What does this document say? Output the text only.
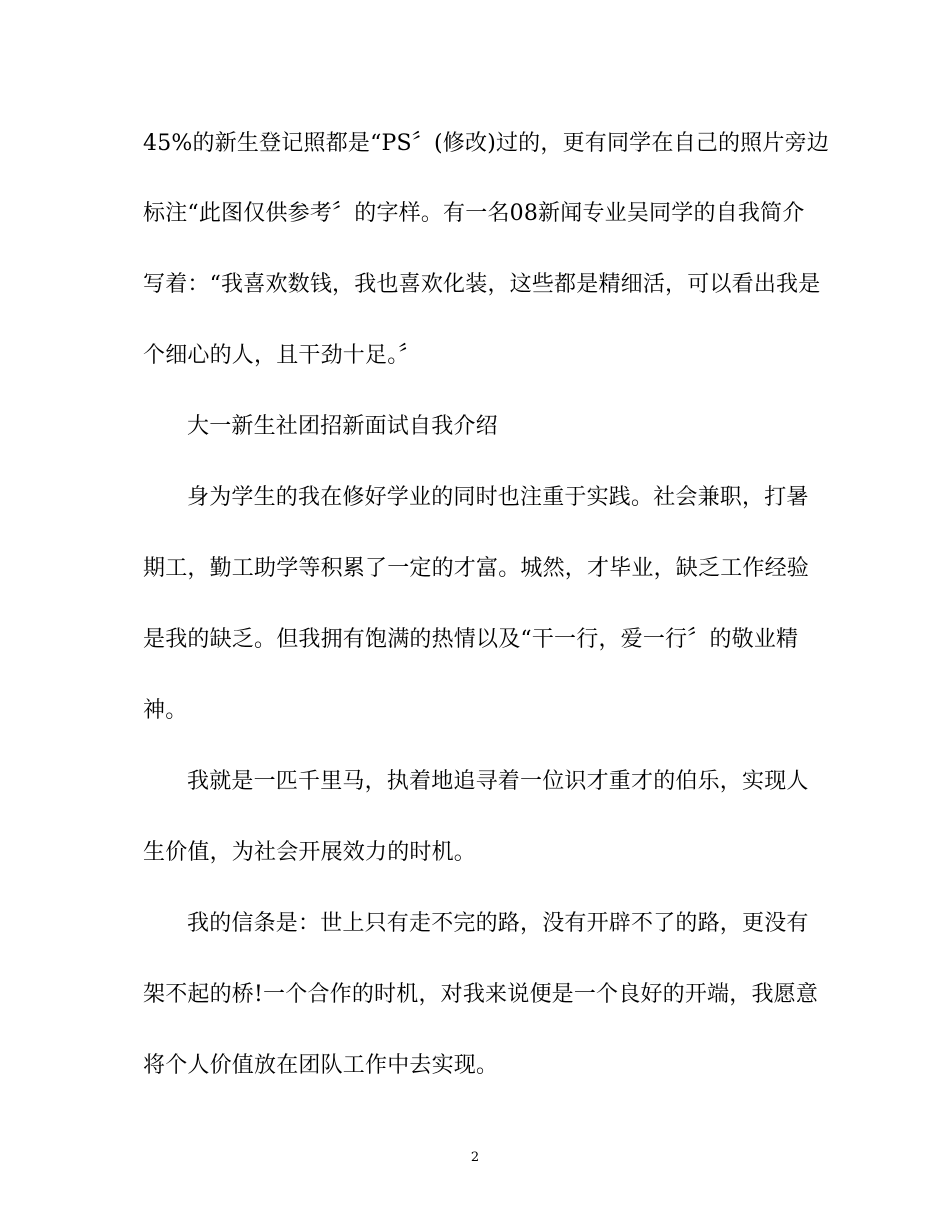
45%的新生登记照都是“PS〞(修改)过的，更有同学在自己的照片旁边
标注“此图仅供参考〞的字样。有一名08新闻专业吴同学的自我简介
写着：“我喜欢数钱，我也喜欢化装，这些都是精细活，可以看出我是
个细心的人，且干劲十足。〞
大一新生社团招新面试自我介绍
身为学生的我在修好学业的同时也注重于实践。社会兼职，打暑
期工，勤工助学等积累了一定的才富。城然，才毕业，缺乏工作经验
是我的缺乏。但我拥有饱满的热情以及“干一行，爱一行〞的敬业精
神。
我就是一匹千里马，执着地追寻着一位识才重才的伯乐，实现人
生价值，为社会开展效力的时机。
我的信条是：世上只有走不完的路，没有开辟不了的路，更没有
架不起的桥!一个合作的时机，对我来说便是一个良好的开端，我愿意
将个人价值放在团队工作中去实现。
2
